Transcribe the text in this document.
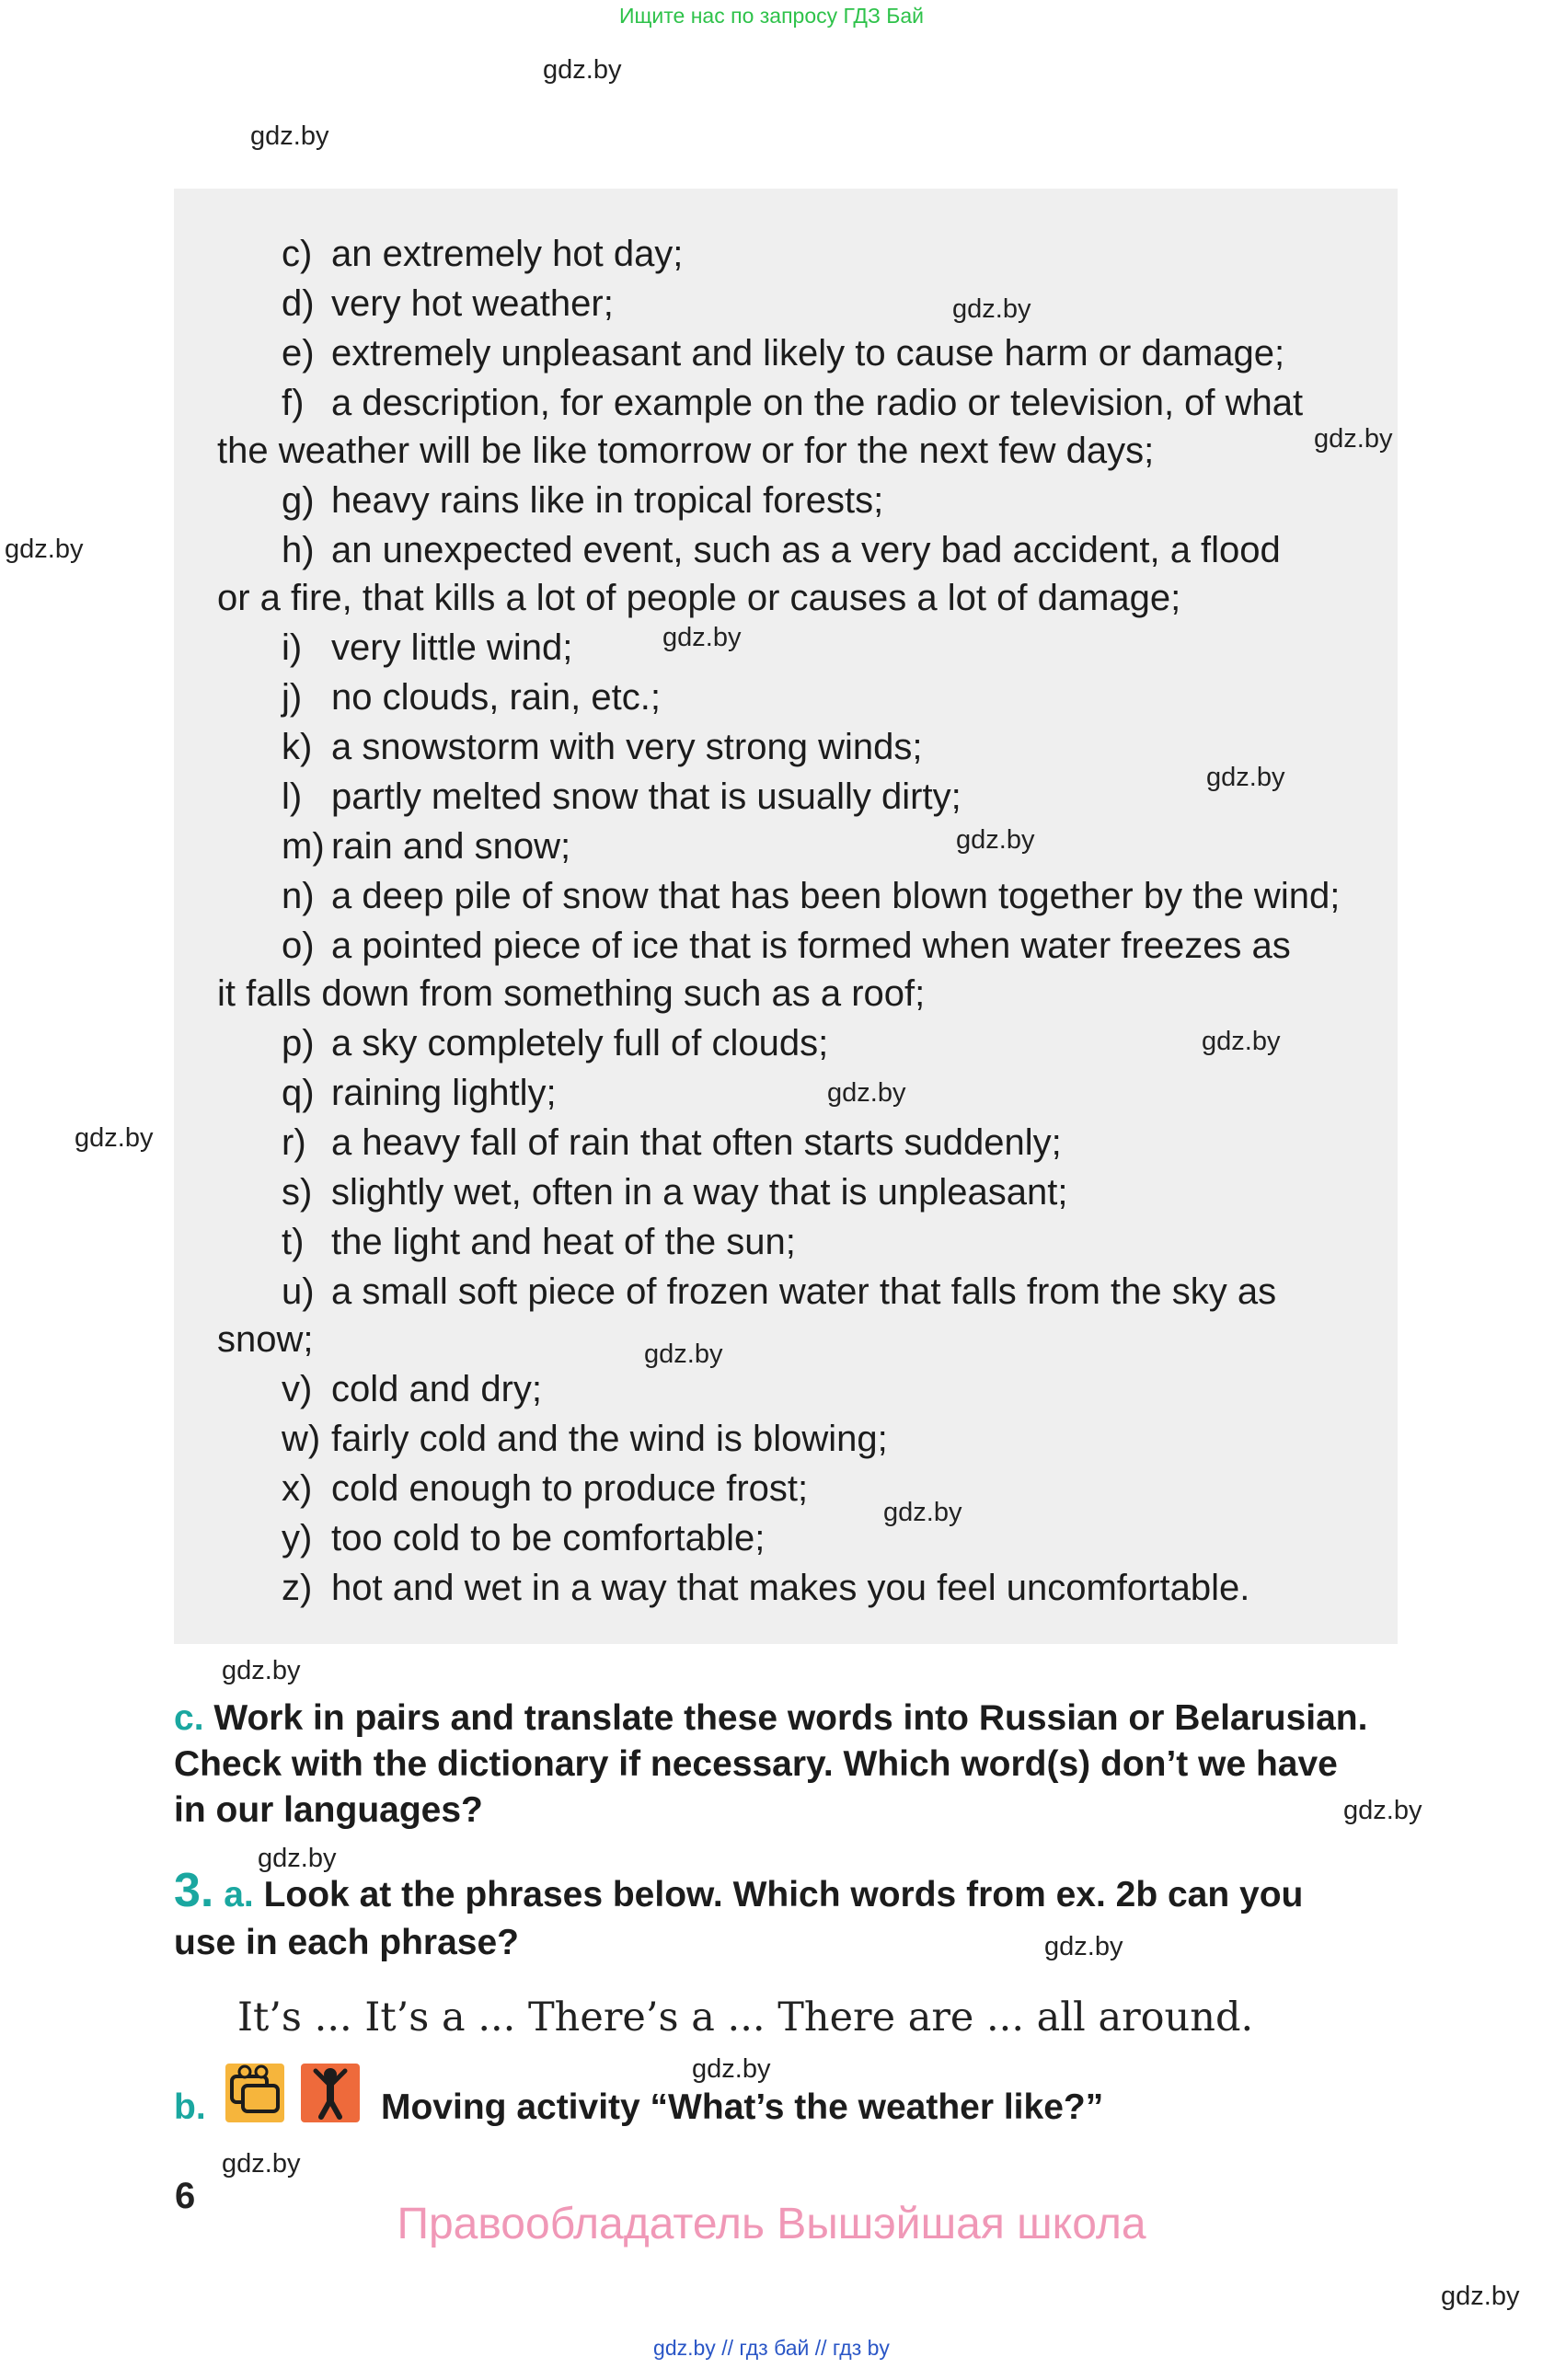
Ищите нас по запросу ГДЗ Бай
c) an extremely hot day;
d) very hot weather;
e) extremely unpleasant and likely to cause harm or damage;
f) a description, for example on the radio or television, of what
the weather will be like tomorrow or for the next few days;
g) heavy rains like in tropical forests;
h) an unexpected event, such as a very bad accident, a flood
or a fire, that kills a lot of people or causes a lot of damage;
i) very little wind;
j) no clouds, rain, etc.;
k) a snowstorm with very strong winds;
l) partly melted snow that is usually dirty;
m) rain and snow;
n) a deep pile of snow that has been blown together by the wind;
o) a pointed piece of ice that is formed when water freezes as
it falls down from something such as a roof;
p) a sky completely full of clouds;
q) raining lightly;
r) a heavy fall of rain that often starts suddenly;
s) slightly wet, often in a way that is unpleasant;
t) the light and heat of the sun;
u) a small soft piece of frozen water that falls from the sky as
snow;
v) cold and dry;
w) fairly cold and the wind is blowing;
x) cold enough to produce frost;
y) too cold to be comfortable;
z) hot and wet in a way that makes you feel uncomfortable.
c. Work in pairs and translate these words into Russian or Belarusian.
Check with the dictionary if necessary. Which word(s) don’t we have
in our languages?
3. a. Look at the phrases below. Which words from ex. 2b can you
use in each phrase?
It’s ... It’s a ... There’s a ... There are ... all around.
b.	Moving activity “What’s the weather like?”
6
Правообладатель Вышэйшая школа
gdz.by
gdz.by
gdz.by
gdz.by
gdz.by
gdz.by
gdz.by
gdz.by
gdz.by
gdz.by
gdz.by
gdz.by
gdz.by
gdz.by
gdz.by
gdz.by
gdz.by
gdz.by
gdz.by
gdz.by
gdz.by // гдз бай // гдз by
